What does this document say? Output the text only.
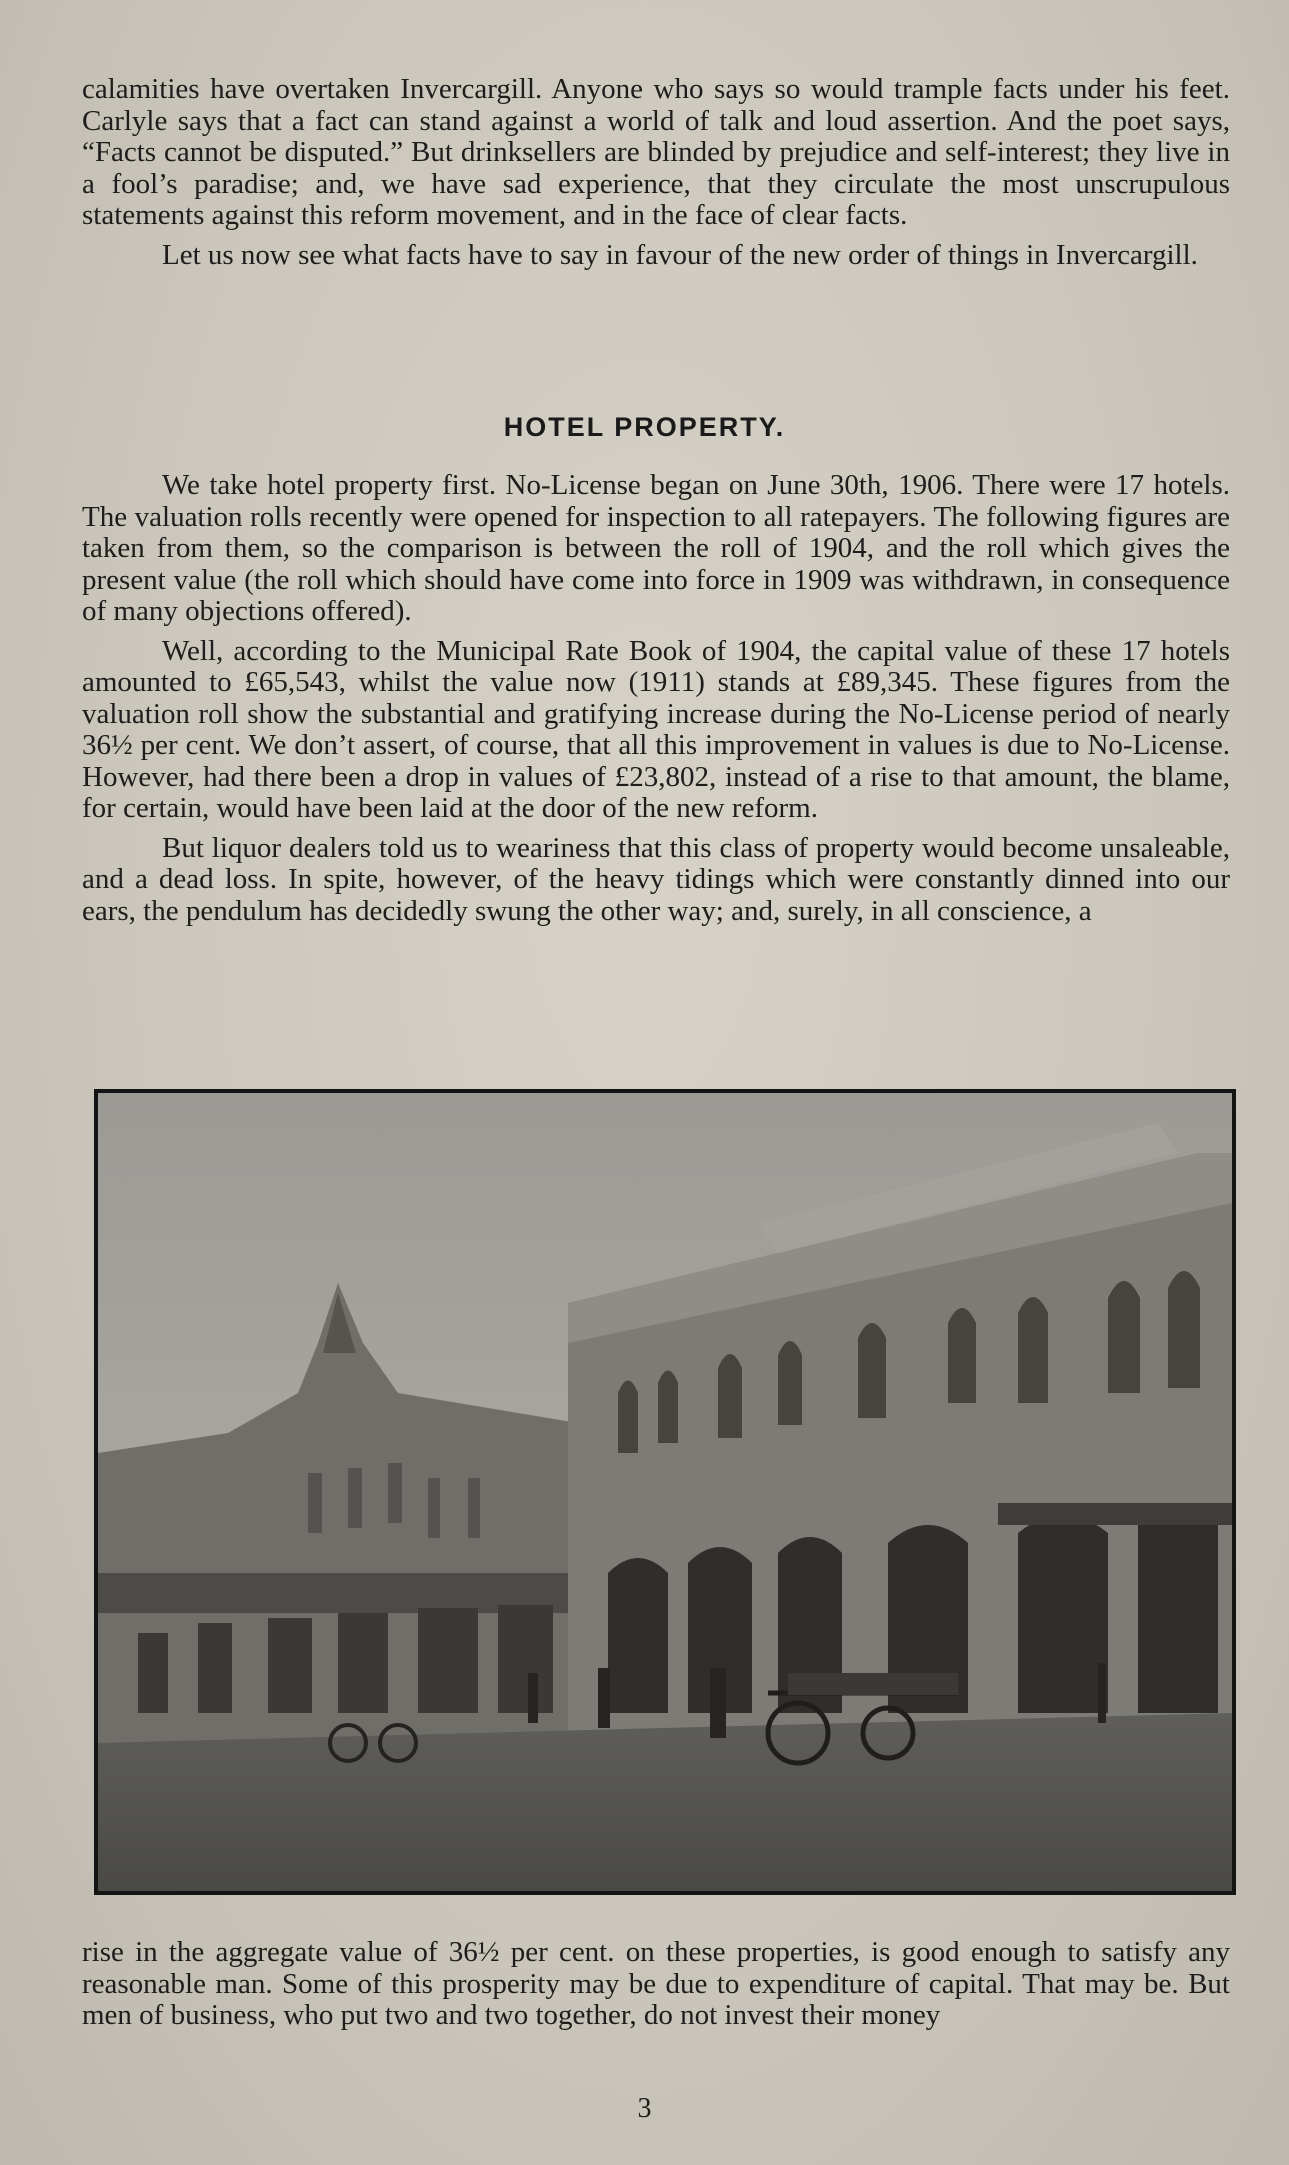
calamities have overtaken Invercargill. Anyone who says so would trample facts under his feet. Carlyle says that a fact can stand against a world of talk and loud assertion. And the poet says, “Facts cannot be disputed.” But drinksellers are blinded by prejudice and self-interest; they live in a fool’s paradise; and, we have sad experience, that they circulate the most unscrupulous statements against this reform movement, and in the face of clear facts.

Let us now see what facts have to say in favour of the new order of things in Invercargill.

HOTEL PROPERTY.

We take hotel property first. No-License began on June 30th, 1906. There were 17 hotels. The valuation rolls recently were opened for inspection to all ratepayers. The following figures are taken from them, so the comparison is between the roll of 1904, and the roll which gives the present value (the roll which should have come into force in 1909 was withdrawn, in consequence of many objections offered).

Well, according to the Municipal Rate Book of 1904, the capital value of these 17 hotels amounted to £65,543, whilst the value now (1911) stands at £89,345. These figures from the valuation roll show the substantial and gratifying increase during the No-License period of nearly 36½ per cent. We don’t assert, of course, that all this improvement in values is due to No-License. However, had there been a drop in values of £23,802, instead of a rise to that amount, the blame, for certain, would have been laid at the door of the new reform.

But liquor dealers told us to weariness that this class of property would become unsaleable, and a dead loss. In spite, however, of the heavy tidings which were constantly dinned into our ears, the pendulum has decidedly swung the other way; and, surely, in all conscience, a

rise in the aggregate value of 36½ per cent. on these properties, is good enough to satisfy any reasonable man. Some of this prosperity may be due to expenditure of capital. That may be. But men of business, who put two and two together, do not invest their money

3
